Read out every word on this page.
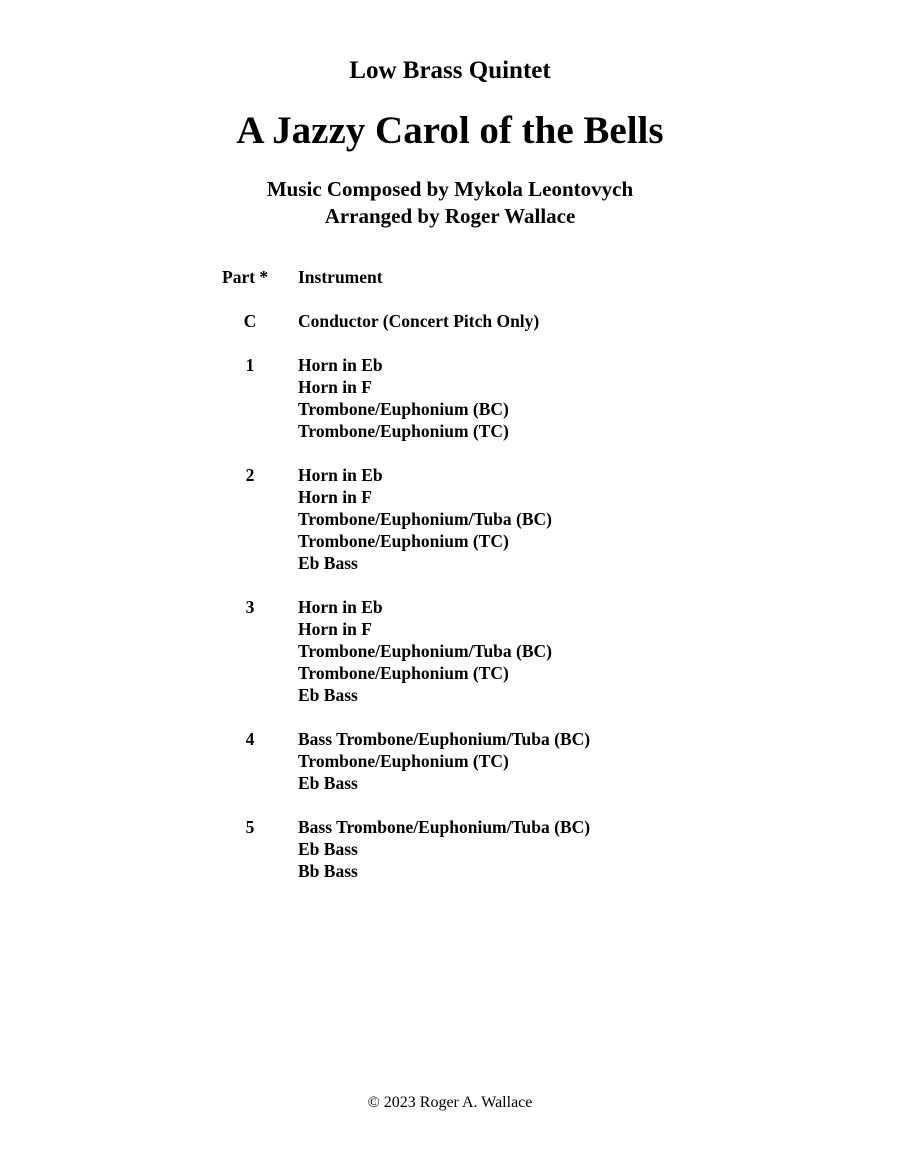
Low Brass Quintet
A Jazzy Carol of the Bells
Music Composed by Mykola Leontovych
Arranged by Roger Wallace
Part *	Instrument
C	Conductor (Concert Pitch Only)
1	Horn in Eb
Horn in F
Trombone/Euphonium (BC)
Trombone/Euphonium (TC)
2	Horn in Eb
Horn in F
Trombone/Euphonium/Tuba (BC)
Trombone/Euphonium (TC)
Eb Bass
3	Horn in Eb
Horn in F
Trombone/Euphonium/Tuba (BC)
Trombone/Euphonium (TC)
Eb Bass
4	Bass Trombone/Euphonium/Tuba (BC)
Trombone/Euphonium (TC)
Eb Bass
5	Bass Trombone/Euphonium/Tuba (BC)
Eb Bass
Bb Bass
© 2023 Roger A. Wallace
